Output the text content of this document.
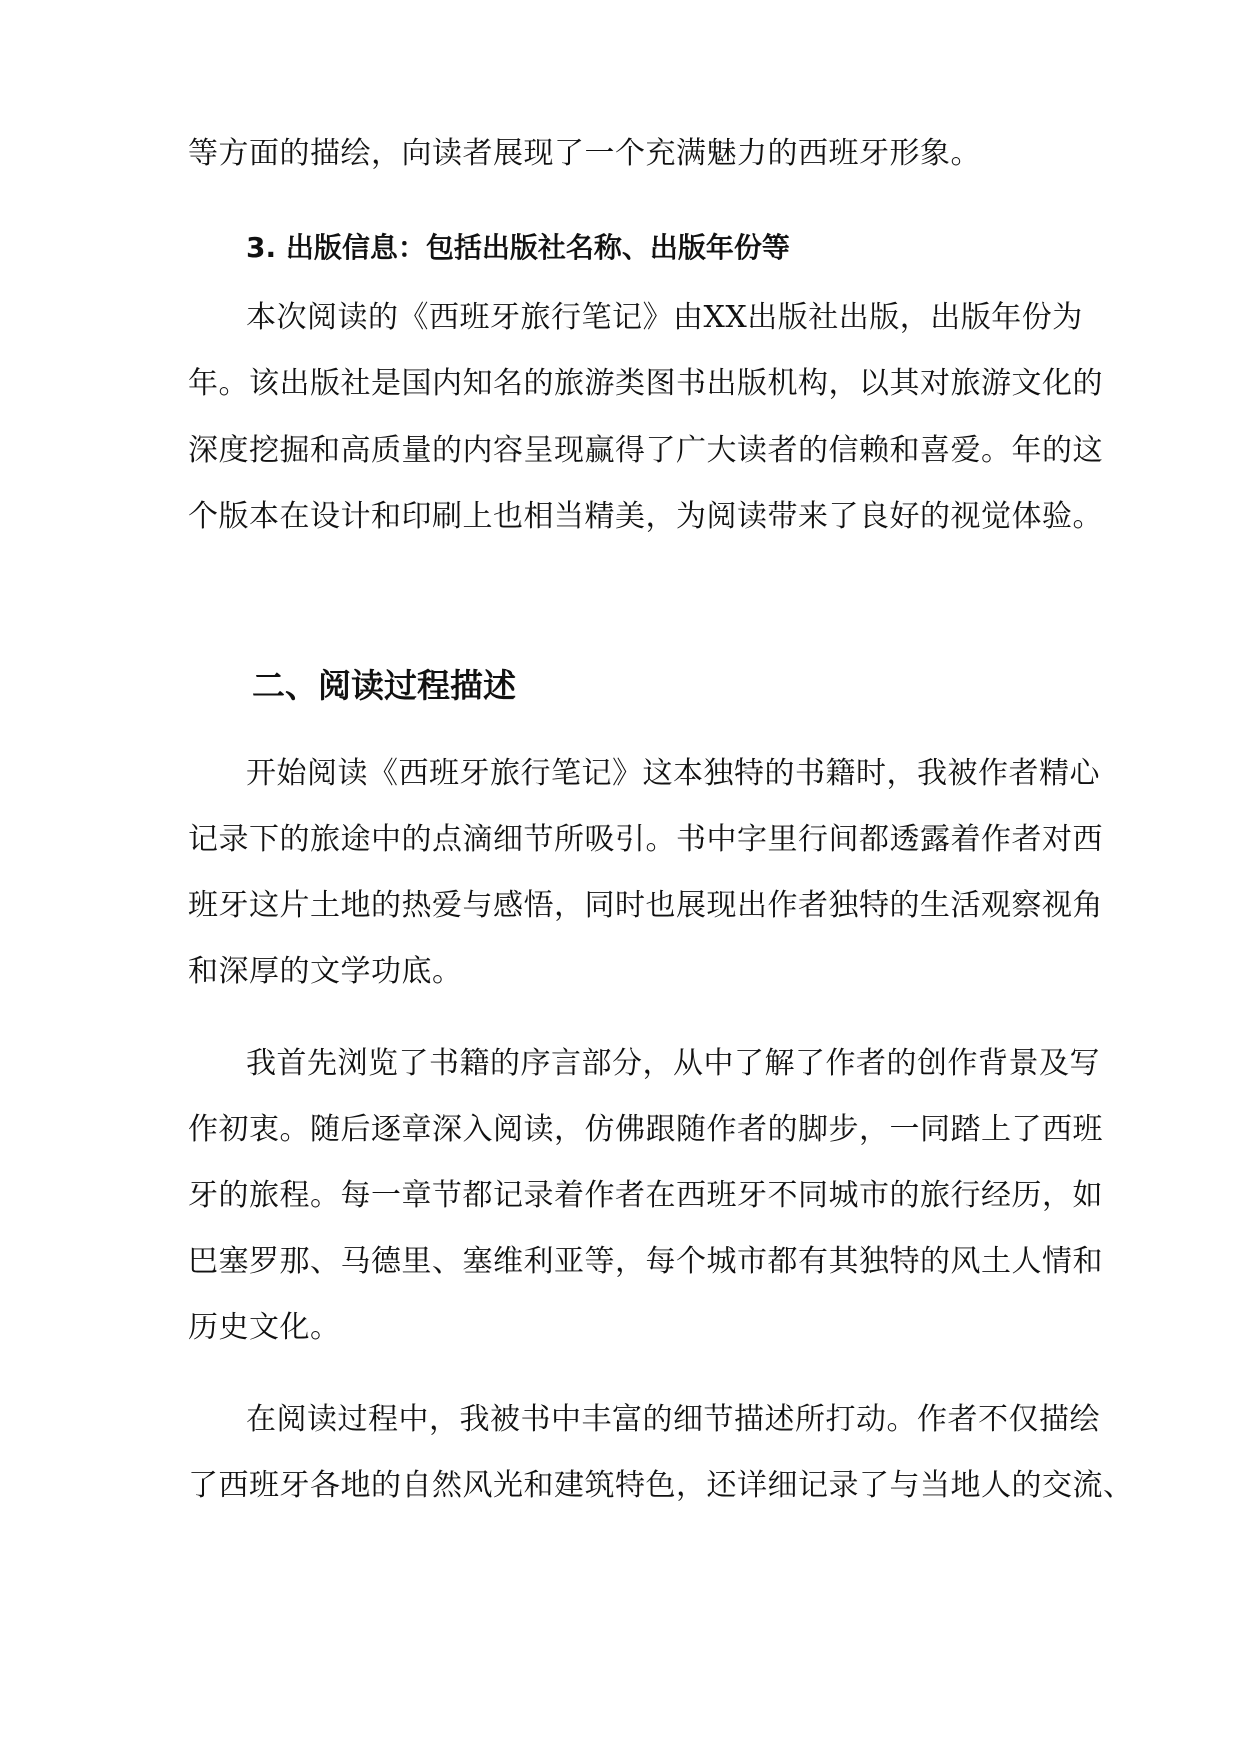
等方面的描绘，向读者展现了一个充满魅力的西班牙形象。
3. 出版信息：包括出版社名称、出版年份等
本次阅读的《西班牙旅行笔记》由XX出版社出版，出版年份为
年。该出版社是国内知名的旅游类图书出版机构，以其对旅游文化的
深度挖掘和高质量的内容呈现赢得了广大读者的信赖和喜爱。年的这
个版本在设计和印刷上也相当精美，为阅读带来了良好的视觉体验。
二、阅读过程描述
开始阅读《西班牙旅行笔记》这本独特的书籍时，我被作者精心
记录下的旅途中的点滴细节所吸引。书中字里行间都透露着作者对西
班牙这片土地的热爱与感悟，同时也展现出作者独特的生活观察视角
和深厚的文学功底。
我首先浏览了书籍的序言部分，从中了解了作者的创作背景及写
作初衷。随后逐章深入阅读，仿佛跟随作者的脚步，一同踏上了西班
牙的旅程。每一章节都记录着作者在西班牙不同城市的旅行经历，如
巴塞罗那、马德里、塞维利亚等，每个城市都有其独特的风土人情和
历史文化。
在阅读过程中，我被书中丰富的细节描述所打动。作者不仅描绘
了西班牙各地的自然风光和建筑特色，还详细记录了与当地人的交流、
